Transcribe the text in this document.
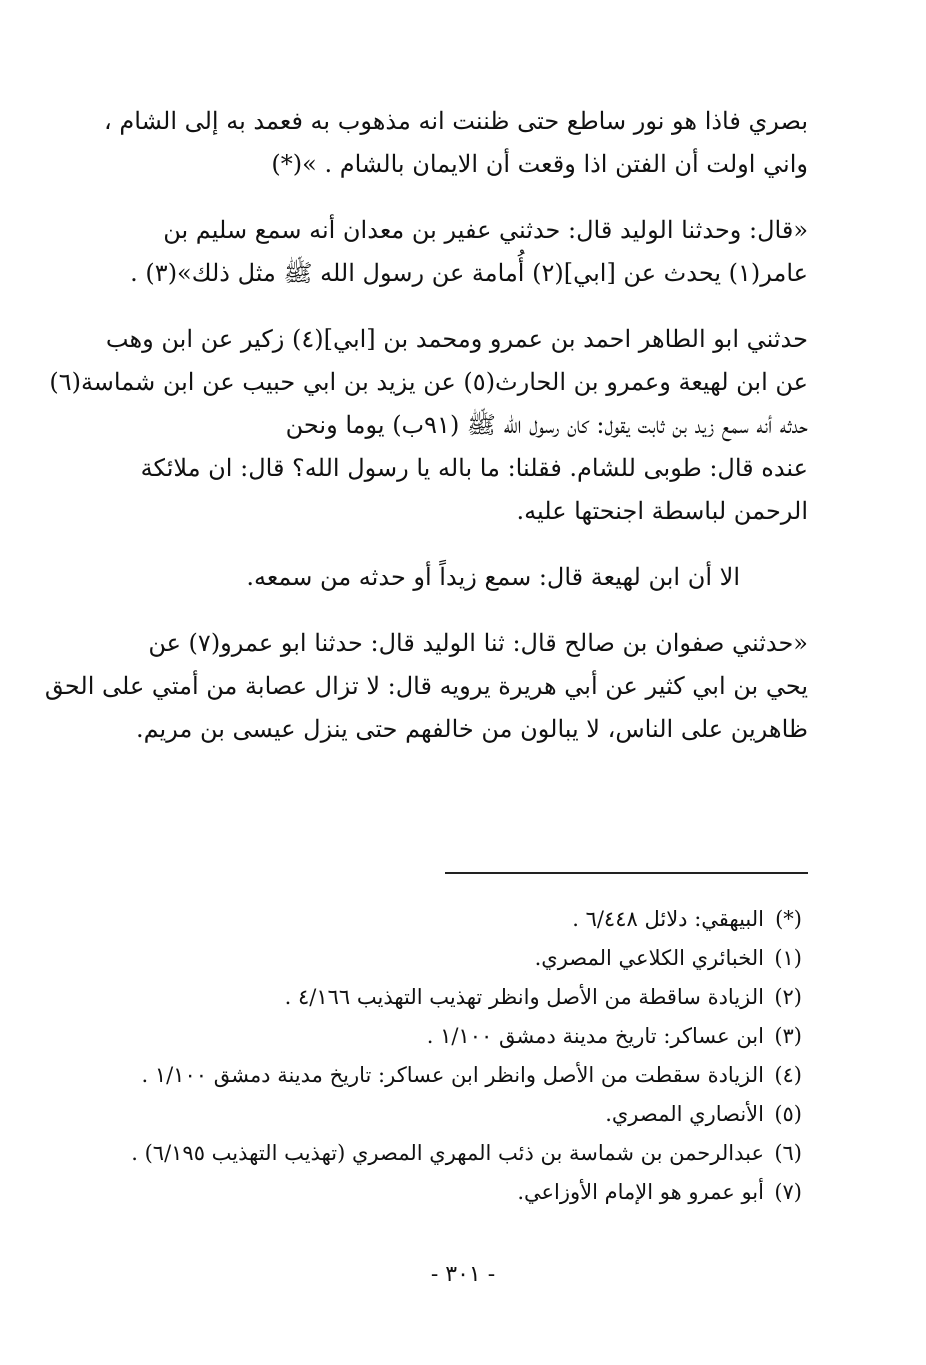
بصري فاذا هو نور ساطع حتى ظننت انه مذهوب به فعمد به إلى الشام ،
واني اولت أن الفتن اذا وقعت أن الايمان بالشام . »(*)

«قال: وحدثنا الوليد قال: حدثني عفير بن معدان أنه سمع سليم بن
عامر(١) يحدث عن [ابي](٢) أُمامة عن رسول الله ﷺ مثل ذلك»(٣) .

حدثني ابو الطاهر احمد بن عمرو ومحمد بن [ابي](٤) زكير عن ابن وهب
عن ابن لهيعة وعمرو بن الحارث(٥) عن يزيد بن ابي حبيب عن ابن شماسة(٦)
حدثه أنه سمع زيد بن ثابت يقول: كان رسول الله ﷺ (٩١ب) يوما ونحن
عنده قال: طوبى للشام. فقلنا: ما باله يا رسول الله؟ قال: ان ملائكة
الرحمن لباسطة اجنحتها عليه.

الا أن ابن لهيعة قال: سمع زيداً أو حدثه من سمعه.

«حدثني صفوان بن صالح قال: ثنا الوليد قال: حدثنا ابو عمرو(٧) عن
يحي بن ابي كثير عن أبي هريرة يرويه قال: لا تزال عصابة من أمتي على الحق
ظاهرين على الناس، لا يبالون من خالفهم حتى ينزل عيسى بن مريم.

(*)
البيهقي: دلائل ٦/٤٤٨ .
(١)
الخبائري الكلاعي المصري.
(٢)
الزيادة ساقطة من الأصل وانظر تهذيب التهذيب ٤/١٦٦ .
(٣)
ابن عساكر: تاريخ مدينة دمشق ١/١٠٠ .
(٤)
الزيادة سقطت من الأصل وانظر ابن عساكر: تاريخ مدينة دمشق ١/١٠٠ .
(٥)
الأنصاري المصري.
(٦)
عبدالرحمن بن شماسة بن ذئب المهري المصري (تهذيب التهذيب ٦/١٩٥) .
(٧)
أبو عمرو هو الإمام الأوزاعي.
- ٣٠١ -
